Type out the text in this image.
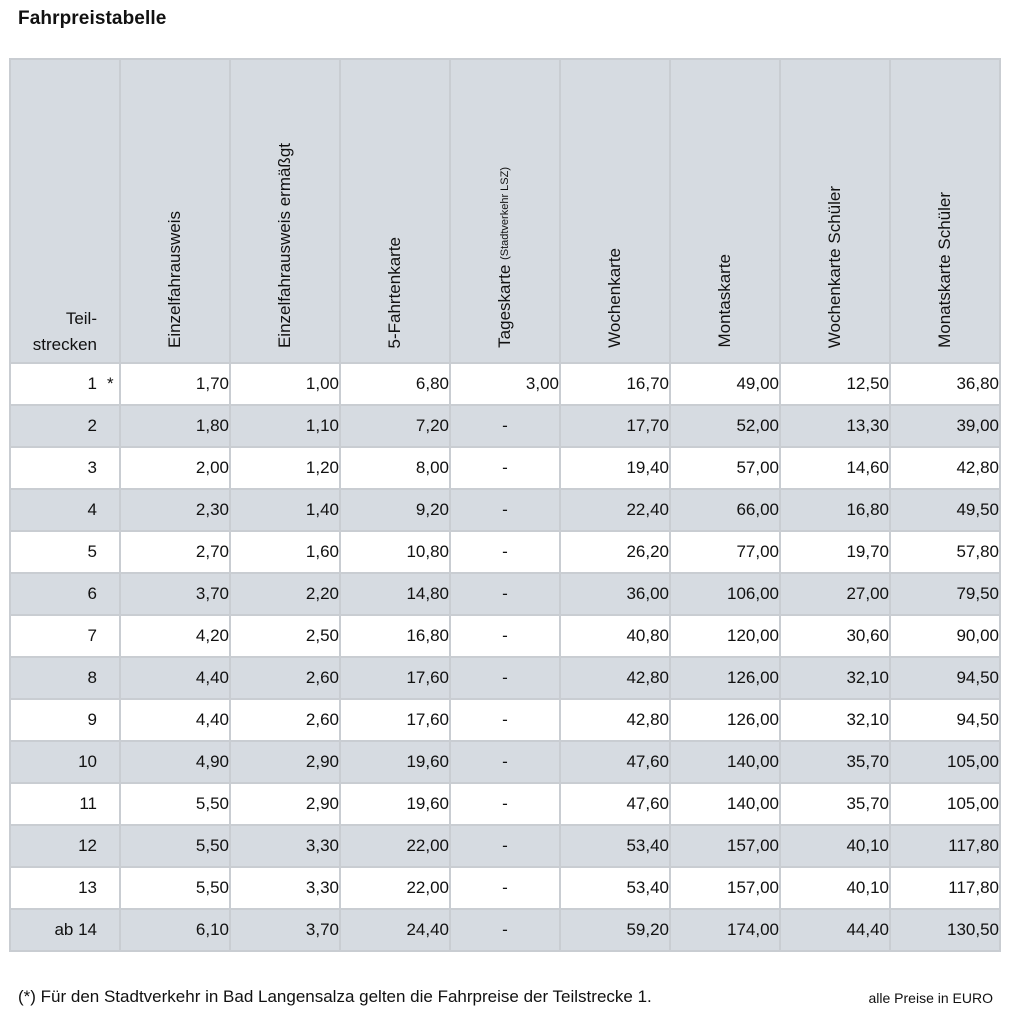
Fahrpreistabelle
Teil-
strecken	Einzelfahrausweis	Einzelfahrausweis ermäßgt	5-Fahrtenkarte	Tageskarte (Stadtverkehr LSZ)	Wochenkarte	Montaskarte	Wochenkarte Schüler	Monatskarte Schüler

1 *	1,70	1,00	6,80	3,00	16,70	49,00	12,50	36,80
2	1,80	1,10	7,20	-	17,70	52,00	13,30	39,00
3	2,00	1,20	8,00	-	19,40	57,00	14,60	42,80
4	2,30	1,40	9,20	-	22,40	66,00	16,80	49,50
5	2,70	1,60	10,80	-	26,20	77,00	19,70	57,80
6	3,70	2,20	14,80	-	36,00	106,00	27,00	79,50
7	4,20	2,50	16,80	-	40,80	120,00	30,60	90,00
8	4,40	2,60	17,60	-	42,80	126,00	32,10	94,50
9	4,40	2,60	17,60	-	42,80	126,00	32,10	94,50
10	4,90	2,90	19,60	-	47,60	140,00	35,70	105,00
11	5,50	2,90	19,60	-	47,60	140,00	35,70	105,00
12	5,50	3,30	22,00	-	53,40	157,00	40,10	117,80
13	5,50	3,30	22,00	-	53,40	157,00	40,10	117,80
ab 14	6,10	3,70	24,40	-	59,20	174,00	44,40	130,50
(*) Für den Stadtverkehr in Bad Langensalza gelten die Fahrpreise der Teilstrecke 1.	alle Preise in EURO
